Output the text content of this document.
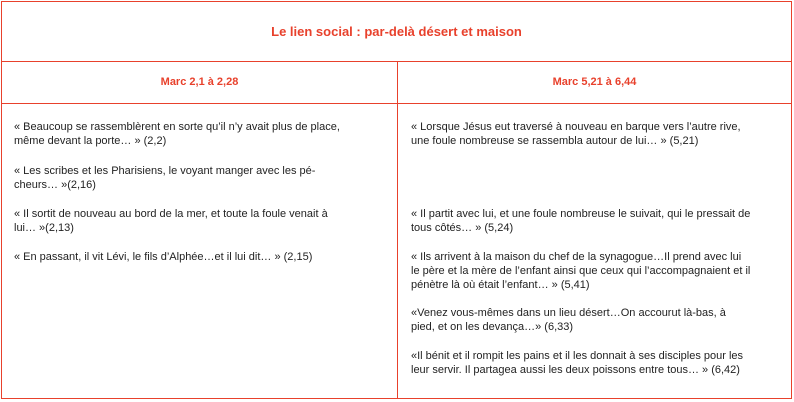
Le lien social : par-delà désert et maison
Marc 2,1 à 2,28	Marc 5,21 à 6,44

« Beaucoup se rassemblèrent en sorte qu’il n’y avait plus de place,
même devant la porte… » (2,2)

« Les scribes et les Pharisiens, le voyant manger avec les pé-
cheurs… »(2,16)

« Il sortit de nouveau au bord de la mer, et toute la foule venait à
lui… »(2,13)

« En passant, il vit Lévi, le fils d’Alphée…et il lui dit… » (2,15)

« Lorsque Jésus eut traversé à nouveau en barque vers l’autre rive,
une foule nombreuse se rassembla autour de lui… » (5,21)

« Il partit avec lui, et une foule nombreuse le suivait, qui le pressait de
tous côtés… » (5,24)

« Ils arrivent à la maison du chef de la synagogue…Il prend avec lui
le père et la mère de l’enfant ainsi que ceux qui l’accompagnaient et il
pénètre là où était l’enfant… » (5,41)

«Venez vous-mêmes dans un lieu désert…On accourut là-bas, à
pied, et on les devança…» (6,33)

«Il bénit et il rompit les pains et il les donnait à ses disciples pour les
leur servir. Il partagea aussi les deux poissons entre tous… » (6,42)
